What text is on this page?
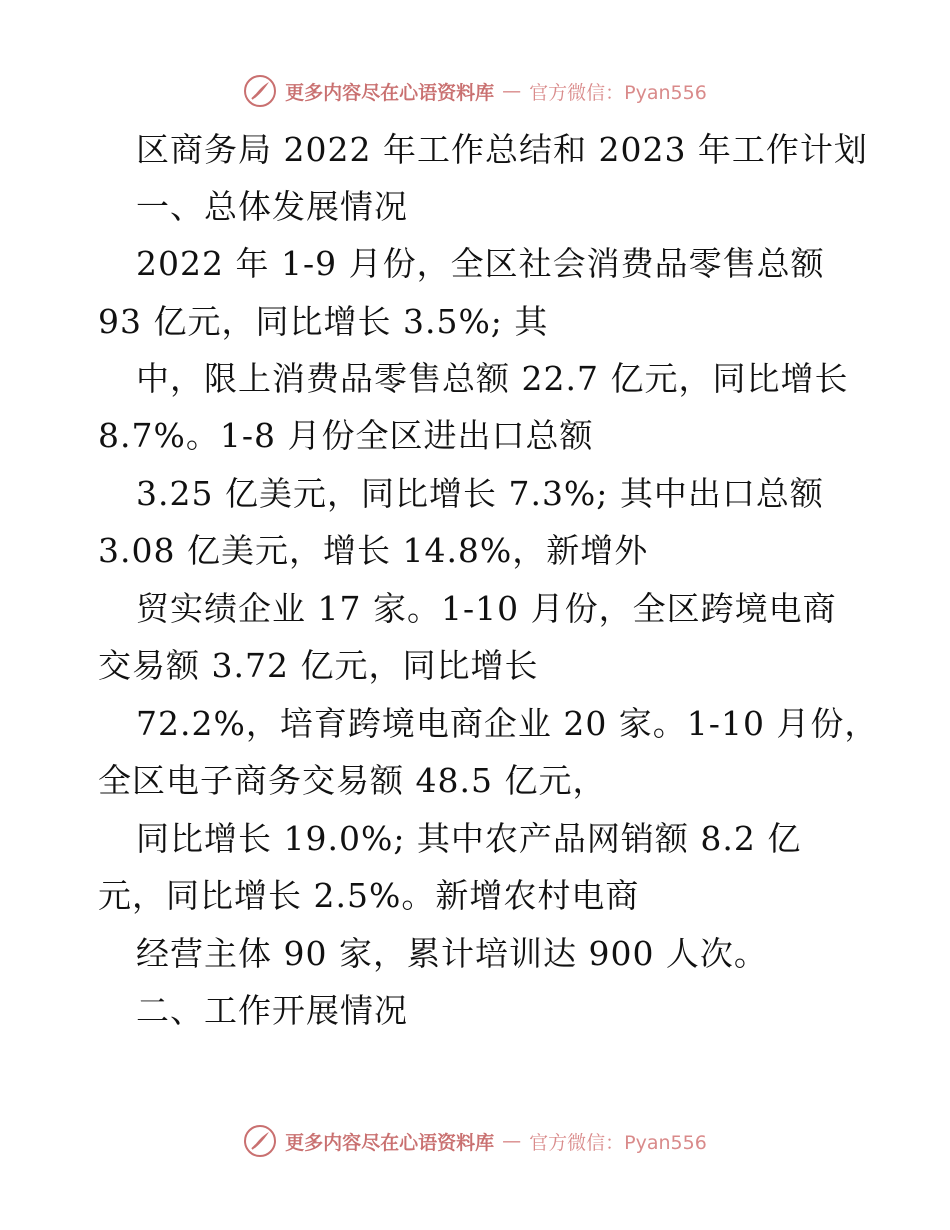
更多内容尽在心语资料库 — 官方微信：Pyan556
区商务局 2022 年工作总结和 2023 年工作计划
一、总体发展情况
2022 年 1-9 月份，全区社会消费品零售总额
93 亿元，同比增长 3.5%; 其
中，限上消费品零售总额 22.7 亿元，同比增长
8.7%。1-8 月份全区进出口总额
3.25 亿美元，同比增长 7.3%; 其中出口总额
3.08 亿美元，增长 14.8%，新增外
贸实绩企业 17 家。1-10 月份，全区跨境电商
交易额 3.72 亿元，同比增长
72.2%，培育跨境电商企业 20 家。1-10 月份，
全区电子商务交易额 48.5 亿元，
同比增长 19.0%; 其中农产品网销额 8.2 亿
元，同比增长 2.5%。新增农村电商
经营主体 90 家，累计培训达 900 人次。
二、工作开展情况
更多内容尽在心语资料库 — 官方微信：Pyan556
